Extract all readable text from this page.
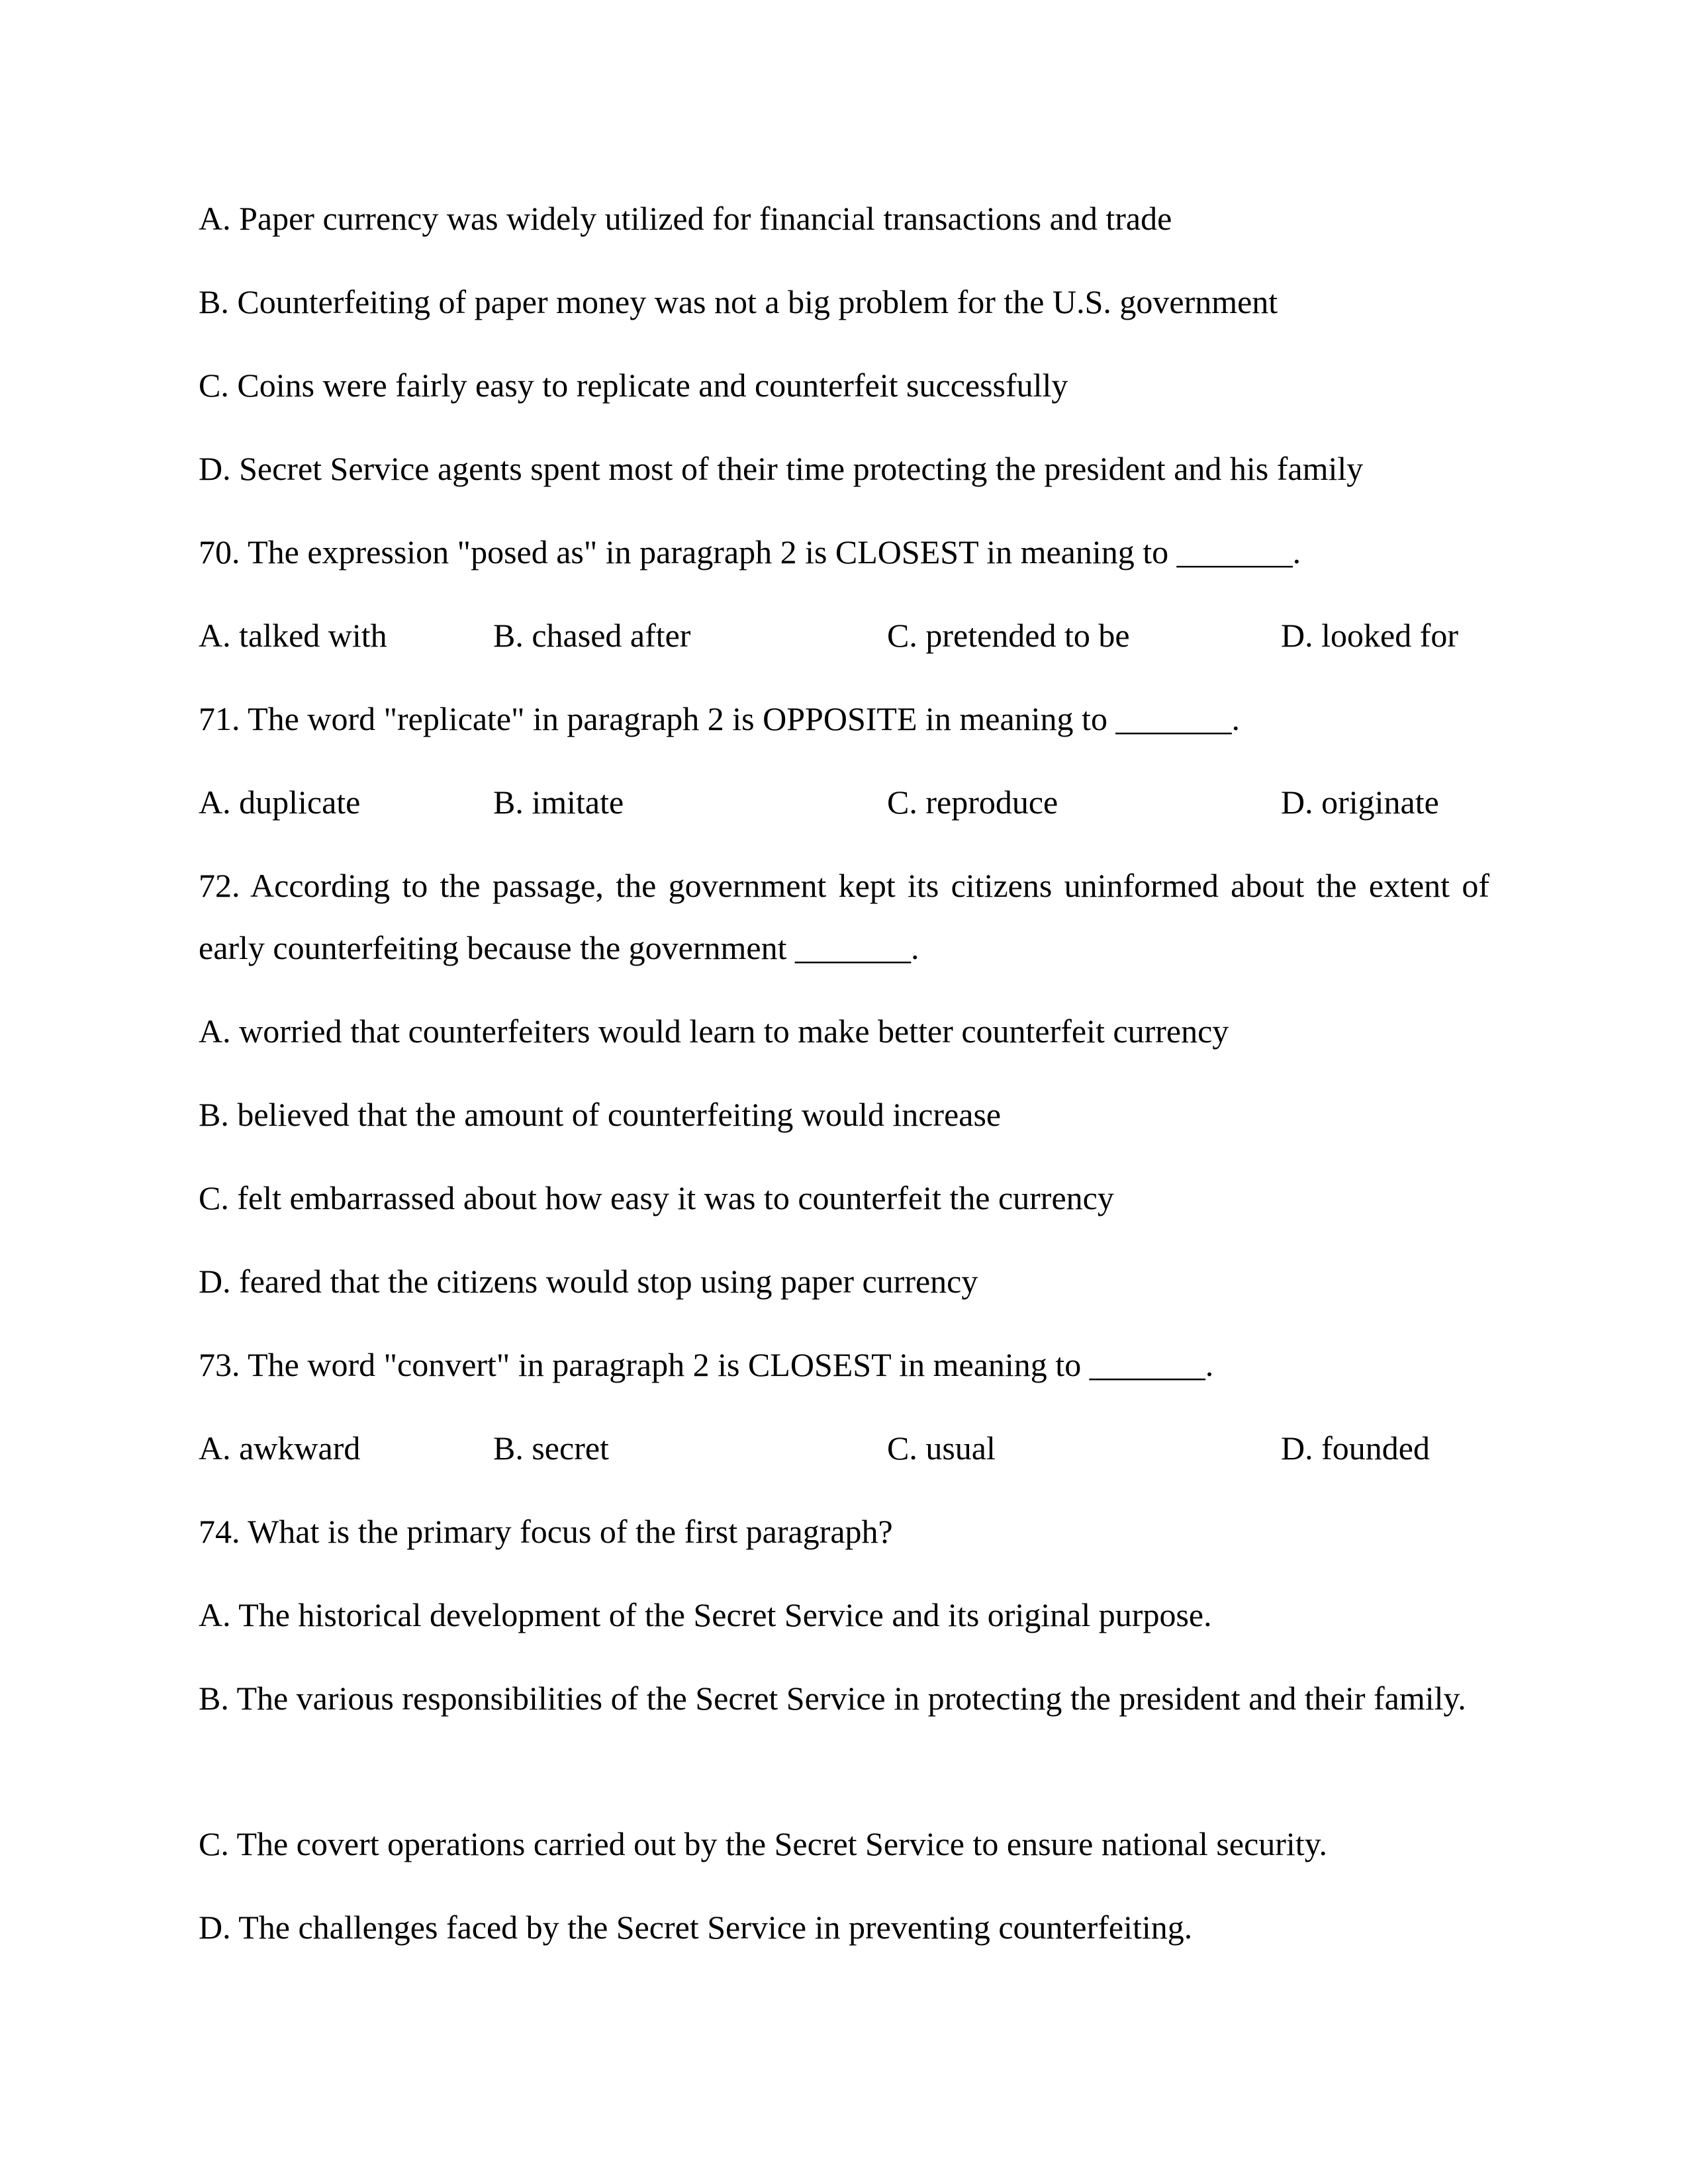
A. Paper currency was widely utilized for financial transactions and trade
B. Counterfeiting of paper money was not a big problem for the U.S. government
C. Coins were fairly easy to replicate and counterfeit successfully
D. Secret Service agents spent most of their time protecting the president and his family
70. The expression "posed as" in paragraph 2 is CLOSEST in meaning to _______.
A. talked with	B. chased after	C. pretended to be	D. looked for
71. The word "replicate" in paragraph 2 is OPPOSITE in meaning to _______.
A. duplicate	B. imitate	C. reproduce	D. originate
72. According to the passage, the government kept its citizens uninformed about the extent of early counterfeiting because the government _______.
A. worried that counterfeiters would learn to make better counterfeit currency
B. believed that the amount of counterfeiting would increase
C. felt embarrassed about how easy it was to counterfeit the currency
D. feared that the citizens would stop using paper currency
73. The word "convert" in paragraph 2 is CLOSEST in meaning to _______.
A. awkward	B. secret	C. usual	D. founded
74. What is the primary focus of the first paragraph?
A. The historical development of the Secret Service and its original purpose.
B. The various responsibilities of the Secret Service in protecting the president and their family.
C. The covert operations carried out by the Secret Service to ensure national security.
D. The challenges faced by the Secret Service in preventing counterfeiting.
